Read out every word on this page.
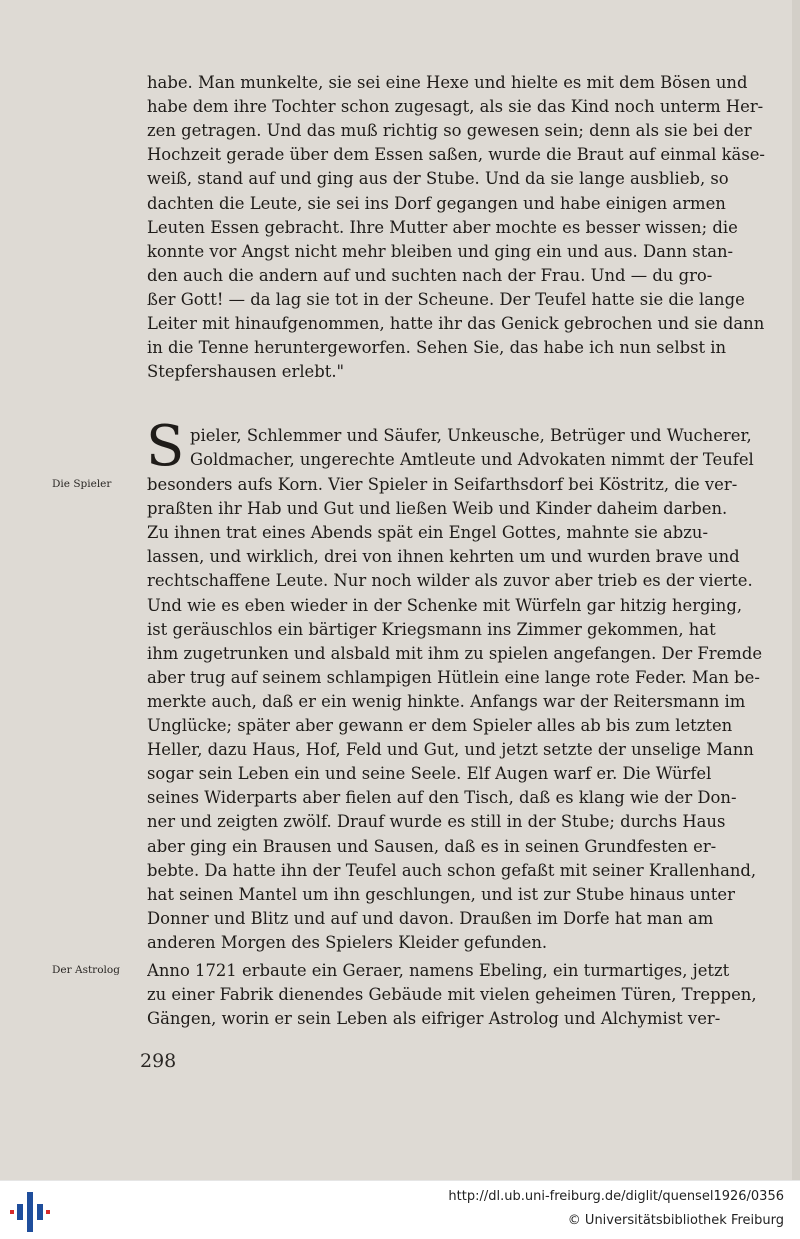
habe. Man munkelte, sie sei eine Hexe und hielte es mit dem Bösen und
habe dem ihre Tochter schon zugesagt, als sie das Kind noch unterm Her-
zen getragen. Und das muß richtig so gewesen sein; denn als sie bei der
Hochzeit gerade über dem Essen saßen, wurde die Braut auf einmal käse-
weiß, stand auf und ging aus der Stube. Und da sie lange ausblieb, so
dachten die Leute, sie sei ins Dorf gegangen und habe einigen armen
Leuten Essen gebracht. Ihre Mutter aber mochte es besser wissen; die
konnte vor Angst nicht mehr bleiben und ging ein und aus. Dann stan-
den auch die andern auf und suchten nach der Frau. Und — du gro-
ßer Gott! — da lag sie tot in der Scheune. Der Teufel hatte sie die lange
Leiter mit hinaufgenommen, hatte ihr das Genick gebrochen und sie dann
in die Tenne heruntergeworfen. Sehen Sie, das habe ich nun selbst in
Stepfershausen erlebt."
S pieler, Schlemmer und Säufer, Unkeusche, Betrüger und Wucherer,
Goldmacher, ungerechte Amtleute und Advokaten nimmt der Teufel
Die Spieler besonders aufs Korn. Vier Spieler in Seifarthsdorf bei Köstritz, die ver-
praßten ihr Hab und Gut und ließen Weib und Kinder daheim darben.
Zu ihnen trat eines Abends spät ein Engel Gottes, mahnte sie abzu-
lassen, und wirklich, drei von ihnen kehrten um und wurden brave und
rechtschaffene Leute. Nur noch wilder als zuvor aber trieb es der vierte.
Und wie es eben wieder in der Schenke mit Würfeln gar hitzig herging,
ist geräuschlos ein bärtiger Kriegsmann ins Zimmer gekommen, hat
ihm zugetrunken und alsbald mit ihm zu spielen angefangen. Der Fremde
aber trug auf seinem schlampigen Hütlein eine lange rote Feder. Man be-
merkte auch, daß er ein wenig hinkte. Anfangs war der Reitersmann im
Unglücke; später aber gewann er dem Spieler alles ab bis zum letzten
Heller, dazu Haus, Hof, Feld und Gut, und jetzt setzte der unselige Mann
sogar sein Leben ein und seine Seele. Elf Augen warf er. Die Würfel
seines Widerparts aber fielen auf den Tisch, daß es klang wie der Don-
ner und zeigten zwölf. Drauf wurde es still in der Stube; durchs Haus
aber ging ein Brausen und Sausen, daß es in seinen Grundfesten er-
bebte. Da hatte ihn der Teufel auch schon gefaßt mit seiner Krallenhand,
hat seinen Mantel um ihn geschlungen, und ist zur Stube hinaus unter
Donner und Blitz und auf und davon. Draußen im Dorfe hat man am
anderen Morgen des Spielers Kleider gefunden.
Der Astrolog Anno 1721 erbaute ein Geraer, namens Ebeling, ein turmartiges, jetzt
zu einer Fabrik dienendes Gebäude mit vielen geheimen Türen, Treppen,
Gängen, worin er sein Leben als eifriger Astrolog und Alchymist ver-
298
http://dl.ub.uni-freiburg.de/diglit/quensel1926/0356
© Universitätsbibliothek Freiburg
